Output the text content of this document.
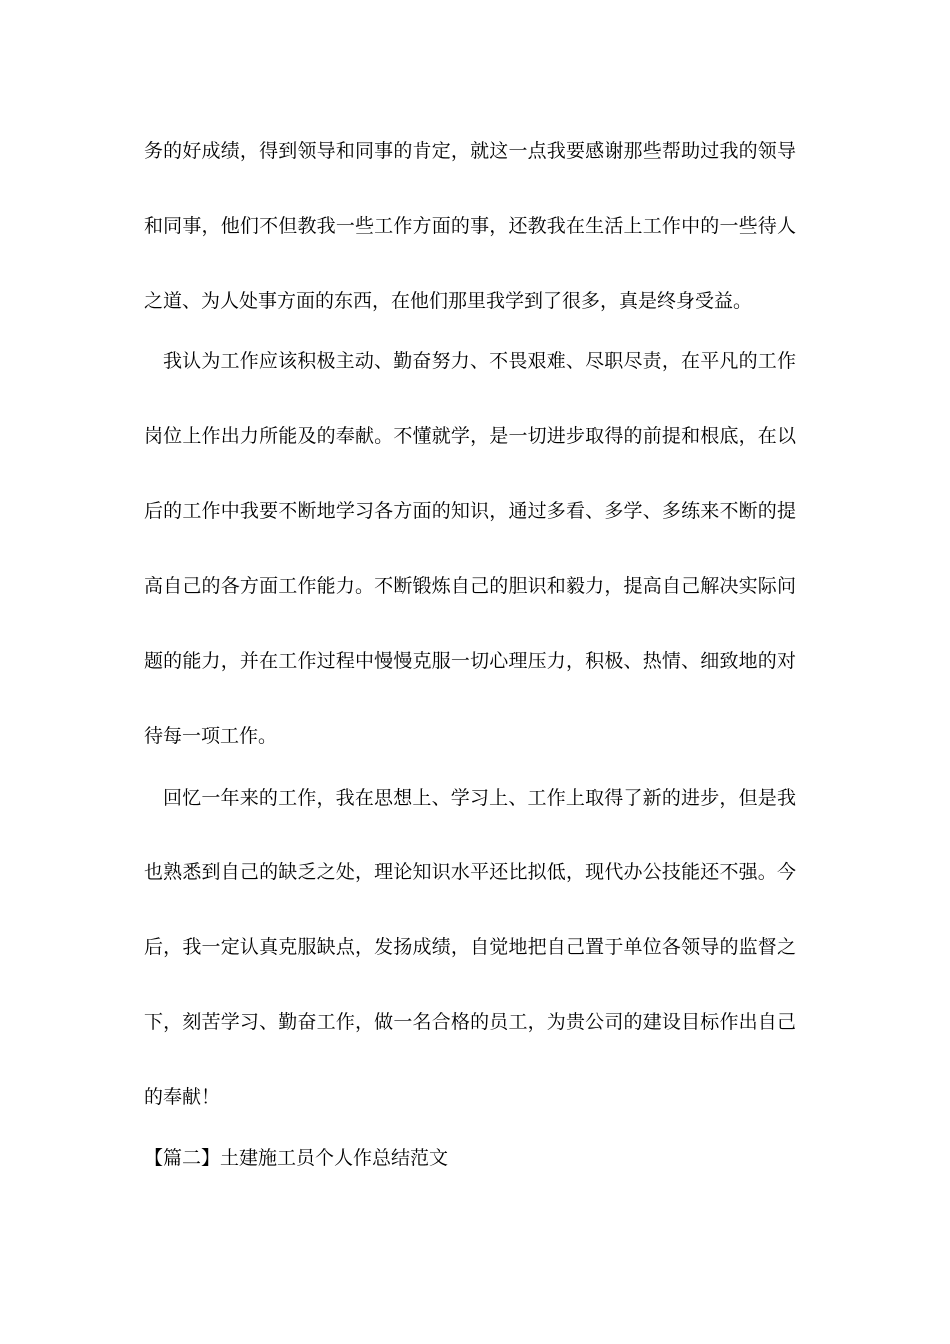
务的好成绩，得到领导和同事的肯定，就这一点我要感谢那些帮助过我的领导
和同事，他们不但教我一些工作方面的事，还教我在生活上工作中的一些待人
之道、为人处事方面的东西，在他们那里我学到了很多，真是终身受益。
我认为工作应该积极主动、勤奋努力、不畏艰难、尽职尽责，在平凡的工作
岗位上作出力所能及的奉献。不懂就学，是一切进步取得的前提和根底，在以
后的工作中我要不断地学习各方面的知识，通过多看、多学、多练来不断的提
高自己的各方面工作能力。不断锻炼自己的胆识和毅力，提高自己解决实际问
题的能力，并在工作过程中慢慢克服一切心理压力，积极、热情、细致地的对
待每一项工作。
回忆一年来的工作，我在思想上、学习上、工作上取得了新的进步，但是我
也熟悉到自己的缺乏之处，理论知识水平还比拟低，现代办公技能还不强。今
后，我一定认真克服缺点，发扬成绩，自觉地把自己置于单位各领导的监督之
下，刻苦学习、勤奋工作，做一名合格的员工，为贵公司的建设目标作出自己
的奉献！
【篇二】土建施工员个人作总结范文
